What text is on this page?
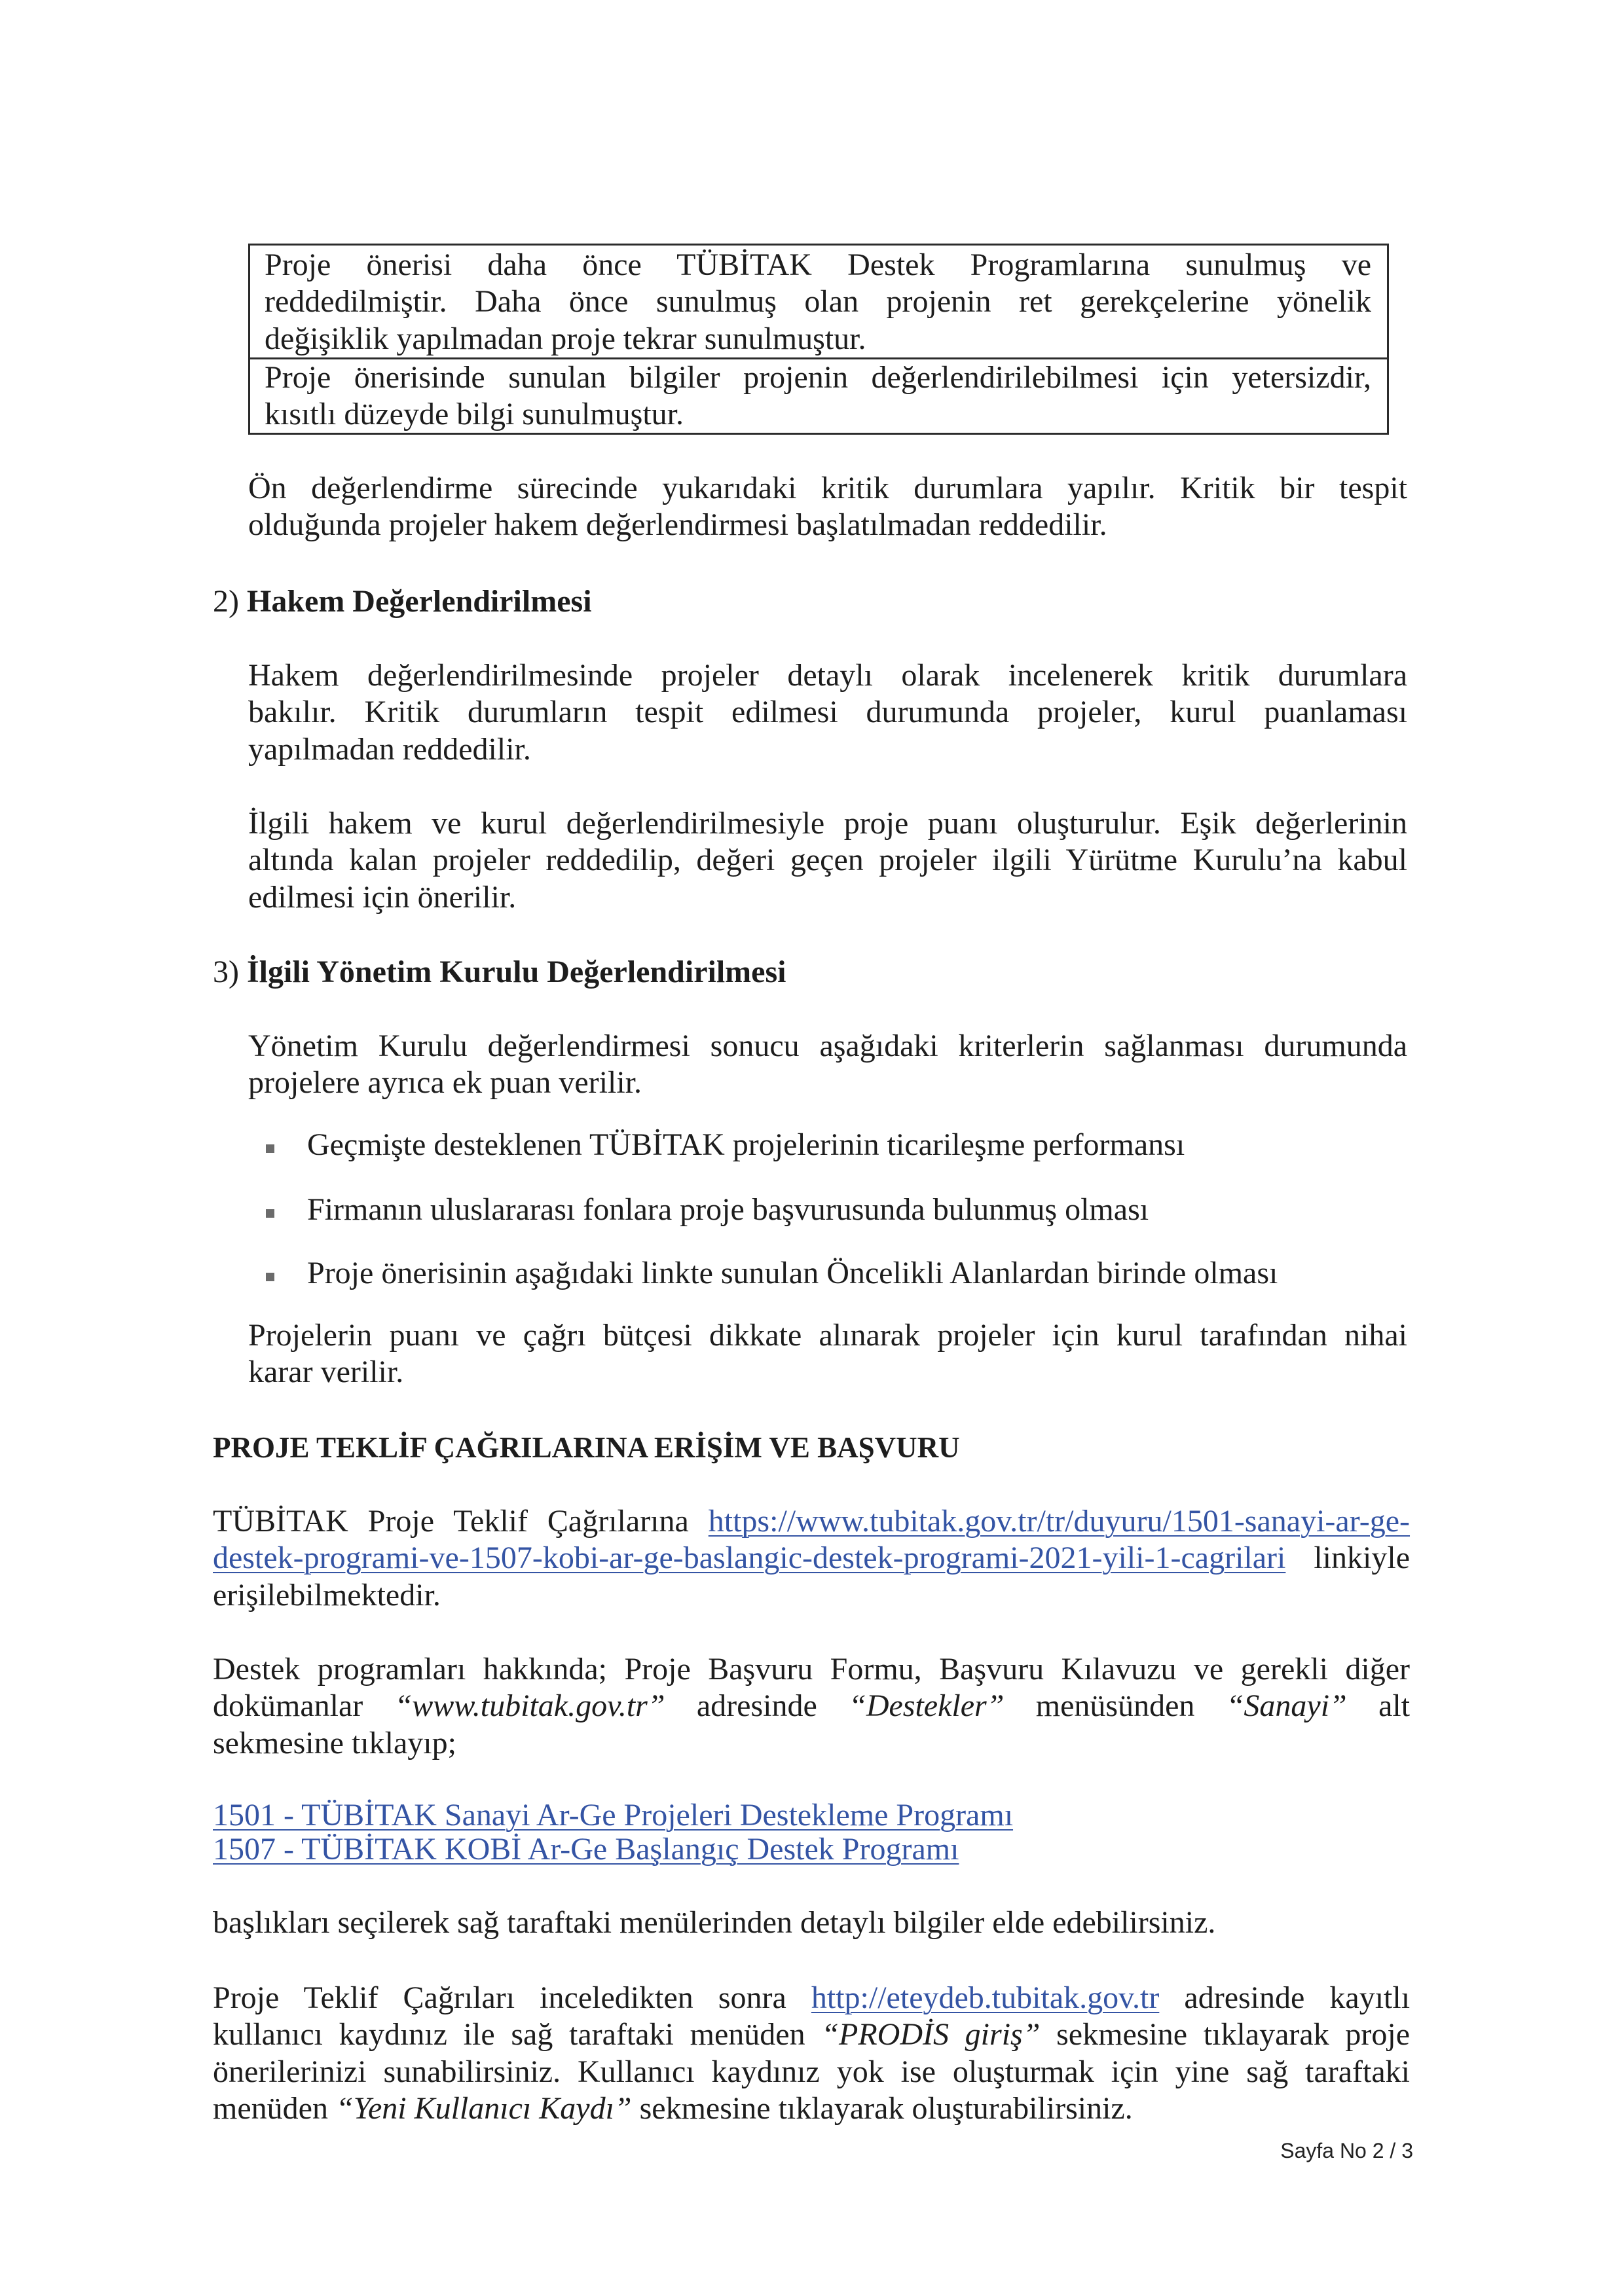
Proje önerisi daha önce TÜBİTAK Destek Programlarına sunulmuş ve
reddedilmiştir. Daha önce sunulmuş olan projenin ret gerekçelerine yönelik
değişiklik yapılmadan proje tekrar sunulmuştur.
Proje önerisinde sunulan bilgiler projenin değerlendirilebilmesi için yetersizdir,
kısıtlı düzeyde bilgi sunulmuştur.
Ön değerlendirme sürecinde yukarıdaki kritik durumlara yapılır. Kritik bir tespit
olduğunda projeler hakem değerlendirmesi başlatılmadan reddedilir.
2) Hakem Değerlendirilmesi
Hakem değerlendirilmesinde projeler detaylı olarak incelenerek kritik durumlara
bakılır. Kritik durumların tespit edilmesi durumunda projeler, kurul puanlaması
yapılmadan reddedilir.
İlgili hakem ve kurul değerlendirilmesiyle proje puanı oluşturulur. Eşik değerlerinin
altında kalan projeler reddedilip, değeri geçen projeler ilgili Yürütme Kurulu’na kabul
edilmesi için önerilir.
3) İlgili Yönetim Kurulu Değerlendirilmesi
Yönetim Kurulu değerlendirmesi sonucu aşağıdaki kriterlerin sağlanması durumunda
projelere ayrıca ek puan verilir.
Geçmişte desteklenen TÜBİTAK projelerinin ticarileşme performansı
Firmanın uluslararası fonlara proje başvurusunda bulunmuş olması
Proje önerisinin aşağıdaki linkte sunulan Öncelikli Alanlardan birinde olması
Projelerin puanı ve çağrı bütçesi dikkate alınarak projeler için kurul tarafından nihai
karar verilir.
PROJE TEKLİF ÇAĞRILARINA ERİŞİM VE BAŞVURU
TÜBİTAK Proje Teklif Çağrılarına https://www.tubitak.gov.tr/tr/duyuru/1501-sanayi-ar-ge-
destek-programi-ve-1507-kobi-ar-ge-baslangic-destek-programi-2021-yili-1-cagrilari linkiyle
erişilebilmektedir.
Destek programları hakkında; Proje Başvuru Formu, Başvuru Kılavuzu ve gerekli diğer
dokümanlar “www.tubitak.gov.tr” adresinde “Destekler” menüsünden “Sanayi” alt
sekmesine tıklayıp;
1501 - TÜBİTAK Sanayi Ar-Ge Projeleri Destekleme Programı
1507 - TÜBİTAK KOBİ Ar-Ge Başlangıç Destek Programı
başlıkları seçilerek sağ taraftaki menülerinden detaylı bilgiler elde edebilirsiniz.
Proje Teklif Çağrıları inceledikten sonra http://eteydeb.tubitak.gov.tr adresinde kayıtlı
kullanıcı kaydınız ile sağ taraftaki menüden “PRODİS giriş” sekmesine tıklayarak proje
önerilerinizi sunabilirsiniz. Kullanıcı kaydınız yok ise oluşturmak için yine sağ taraftaki
menüden “Yeni Kullanıcı Kaydı” sekmesine tıklayarak oluşturabilirsiniz.
Sayfa No 2 / 3
